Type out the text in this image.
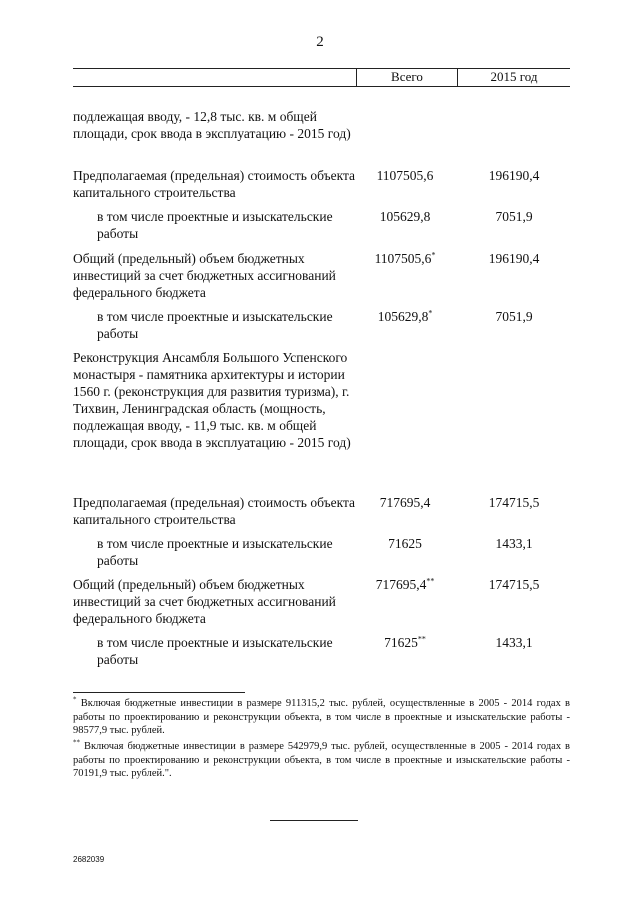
2
Всего	2015 год
подлежащая вводу, - 12,8 тыс. кв. м общей площади, срок ввода в эксплуатацию - 2015 год)
Предполагаемая (предельная) стоимость объекта капитального строительства
1107505,6	196190,4
в том числе проектные и изыскательские работы
105629,8	7051,9
Общий (предельный) объем бюджетных инвестиций за счет бюджетных ассигнований федерального бюджета
1107505,6*	196190,4
в том числе проектные и изыскательские работы
105629,8*	7051,9
Реконструкция Ансамбля Большого Успенского монастыря - памятника архитектуры и истории 1560 г. (реконструкция для развития туризма), г. Тихвин, Ленинградская область (мощность, подлежащая вводу, - 11,9 тыс. кв. м общей площади, срок ввода в эксплуатацию - 2015 год)
Предполагаемая (предельная) стоимость объекта капитального строительства
717695,4	174715,5
в том числе проектные и изыскательские работы
71625	1433,1
Общий (предельный) объем бюджетных инвестиций за счет бюджетных ассигнований федерального бюджета
717695,4**	174715,5
в том числе проектные и изыскательские работы
71625**	1433,1
* Включая бюджетные инвестиции в размере 911315,2 тыс. рублей, осуществленные в 2005 - 2014 годах в работы по проектированию и реконструкции объекта, в том числе в проектные и изыскательские работы - 98577,9 тыс. рублей.
** Включая бюджетные инвестиции в размере 542979,9 тыс. рублей, осуществленные в 2005 - 2014 годах в работы по проектированию и реконструкции объекта, в том числе в проектные и изыскательские работы - 70191,9 тыс. рублей.".
2682039
